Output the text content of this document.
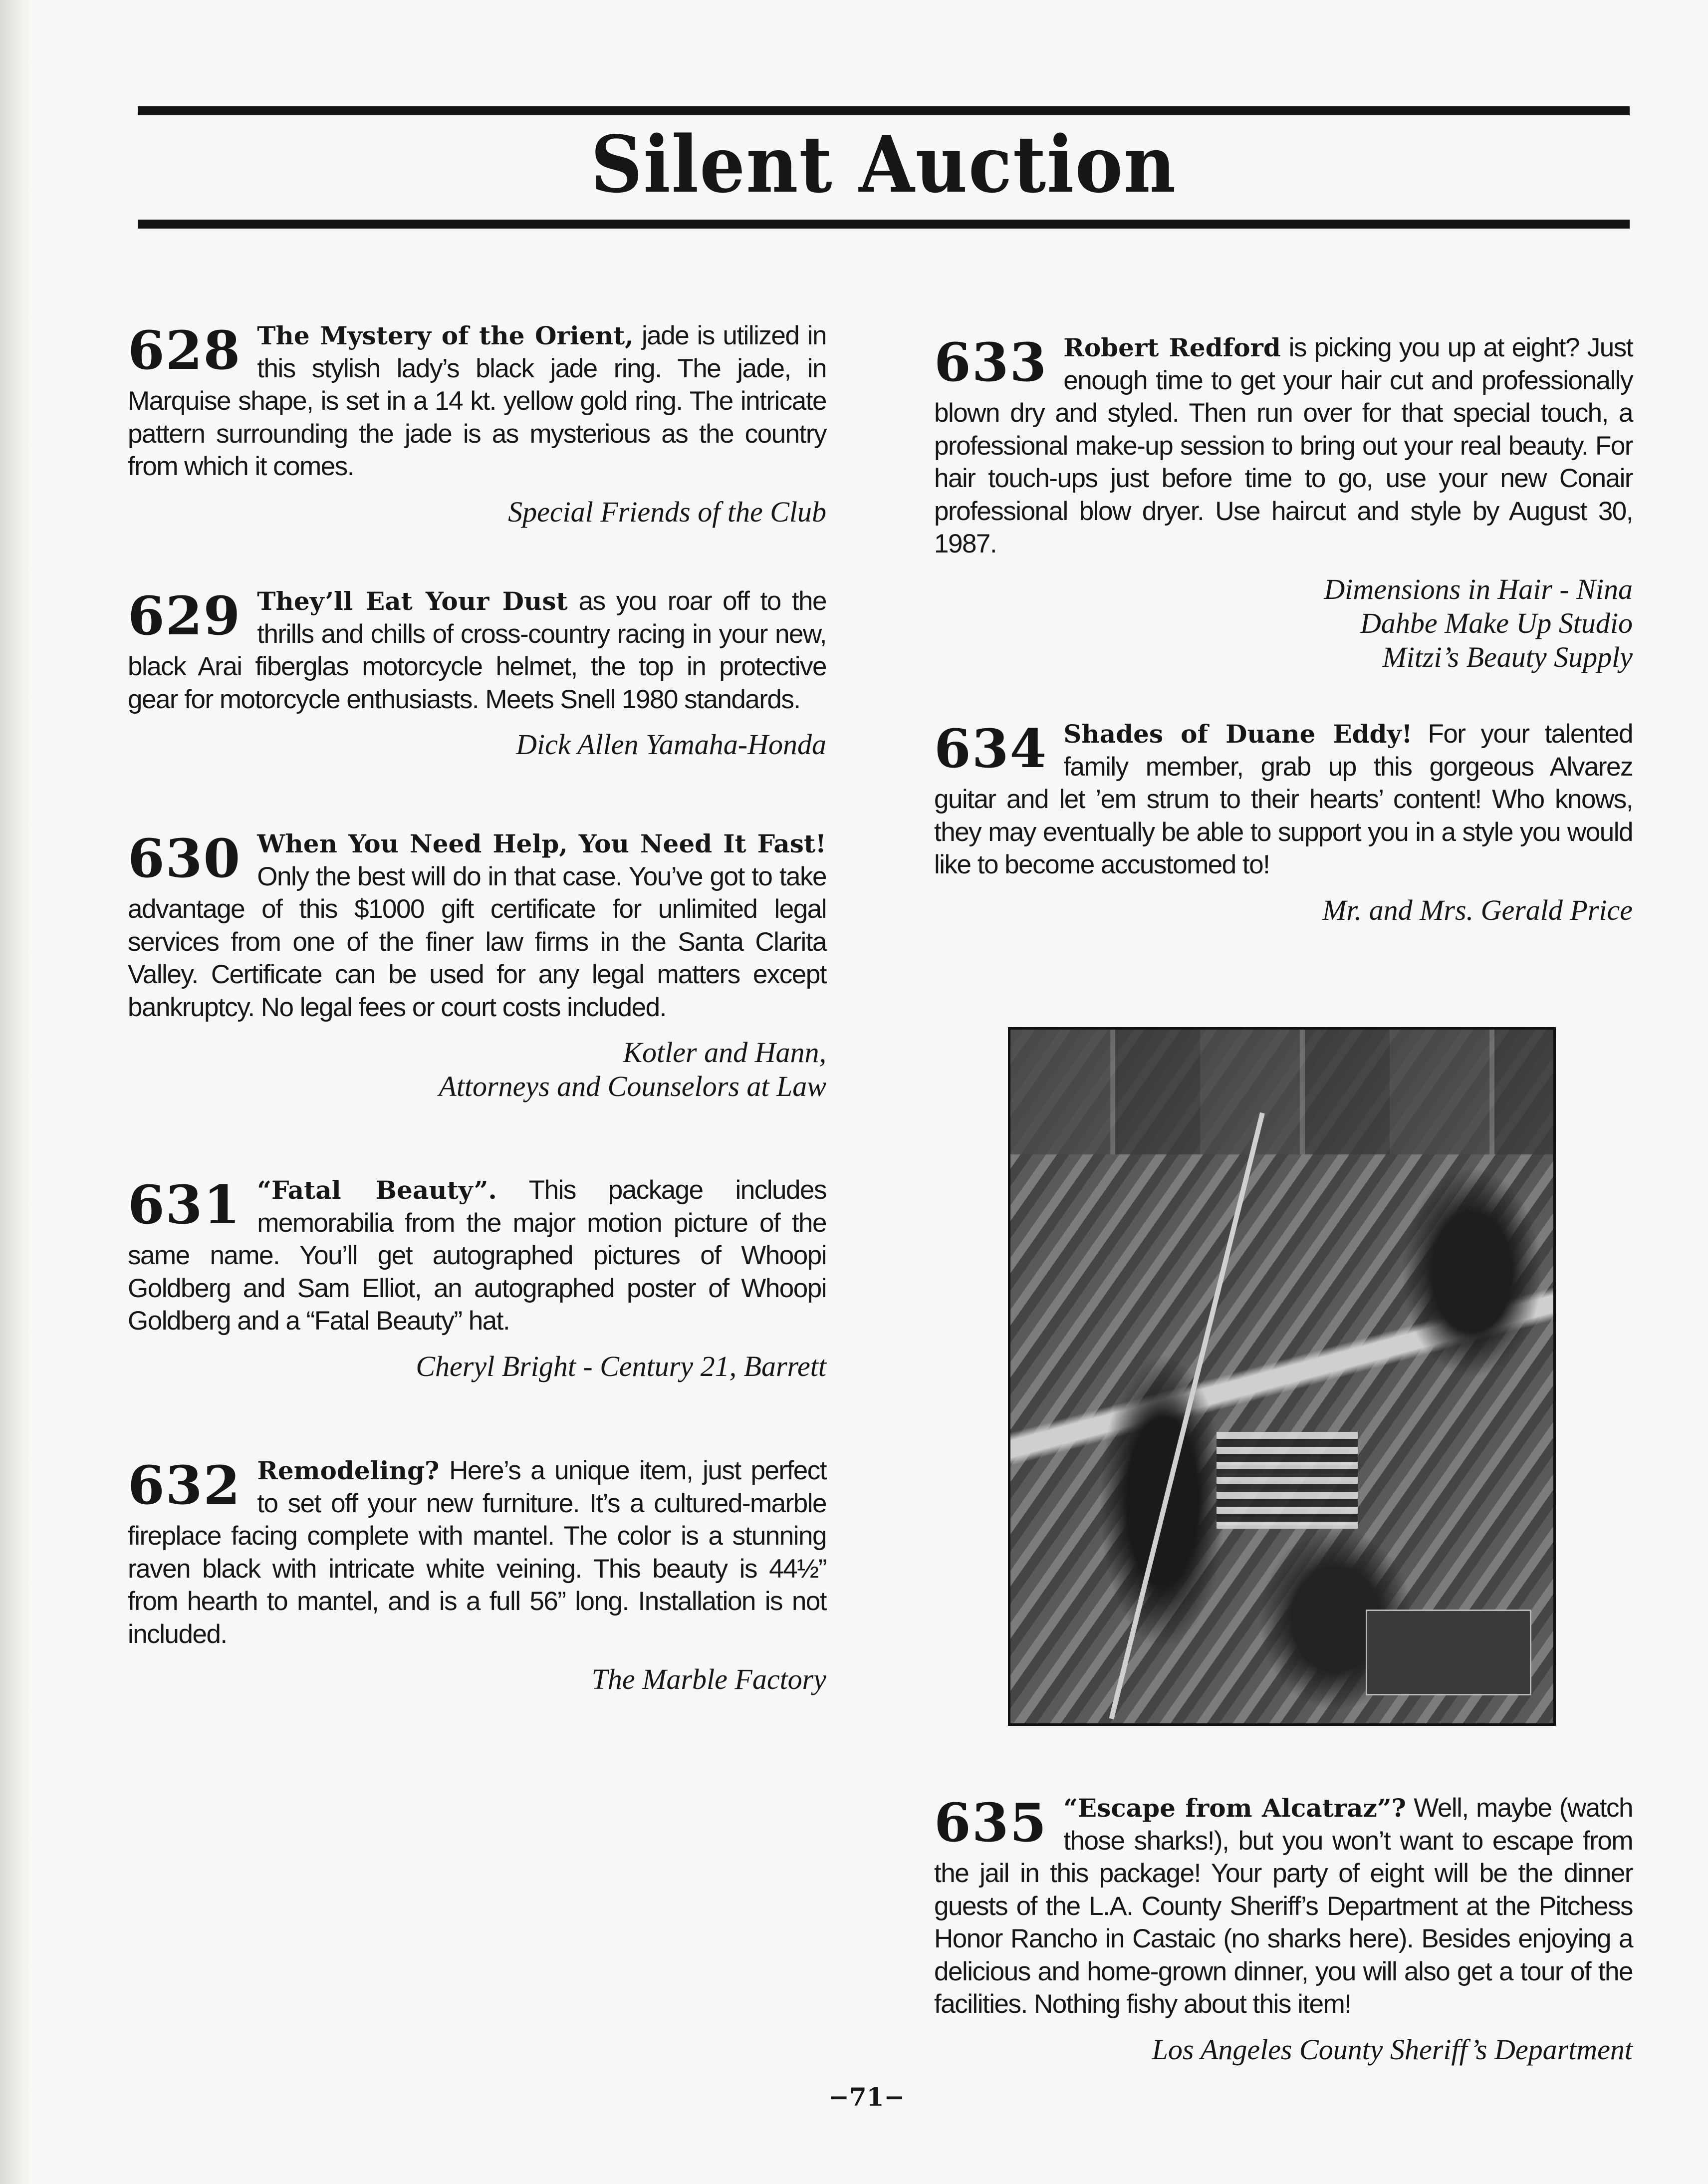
Silent Auction
628 The Mystery of the Orient, jade is utilized in this stylish lady’s black jade ring. The jade, in Marquise shape, is set in a 14 kt. yellow gold ring. The intricate pattern surrounding the jade is as mysterious as the country from which it comes.

Special Friends of the Club
629 They’ll Eat Your Dust as you roar off to the thrills and chills of cross-country racing in your new, black Arai fiberglas motorcycle helmet, the top in protective gear for motorcycle enthusiasts. Meets Snell 1980 standards.

Dick Allen Yamaha-Honda
630 When You Need Help, You Need It Fast! Only the best will do in that case. You’ve got to take advantage of this $1000 gift certificate for unlimited legal services from one of the finer law firms in the Santa Clarita Valley. Certificate can be used for any legal matters except bankruptcy. No legal fees or court costs included.

Kotler and Hann,
Attorneys and Counselors at Law
631 “Fatal Beauty”. This package includes memorabilia from the major motion picture of the same name. You’ll get autographed pictures of Whoopi Goldberg and Sam Elliot, an autographed poster of Whoopi Goldberg and a “Fatal Beauty” hat.

Cheryl Bright - Century 21, Barrett
632 Remodeling? Here’s a unique item, just perfect to set off your new furniture. It’s a cultured-marble fireplace facing complete with mantel. The color is a stunning raven black with intricate white veining. This beauty is 44½” from hearth to mantel, and is a full 56” long. Installation is not included.

The Marble Factory
633 Robert Redford is picking you up at eight? Just enough time to get your hair cut and professionally blown dry and styled. Then run over for that special touch, a professional make-up session to bring out your real beauty. For hair touch-ups just before time to go, use your new Conair professional blow dryer. Use haircut and style by August 30, 1987.

Dimensions in Hair - Nina
Dahbe Make Up Studio
Mitzi’s Beauty Supply
634 Shades of Duane Eddy! For your talented family member, grab up this gorgeous Alvarez guitar and let ’em strum to their hearts’ content! Who knows, they may eventually be able to support you in a style you would like to become accustomed to!

Mr. and Mrs. Gerald Price
635 “Escape from Alcatraz”? Well, maybe (watch those sharks!), but you won’t want to escape from the jail in this package! Your party of eight will be the dinner guests of the L.A. County Sheriff’s Department at the Pitchess Honor Rancho in Castaic (no sharks here). Besides enjoying a delicious and home-grown dinner, you will also get a tour of the facilities. Nothing fishy about this item!

Los Angeles County Sheriff’s Department
−71−
